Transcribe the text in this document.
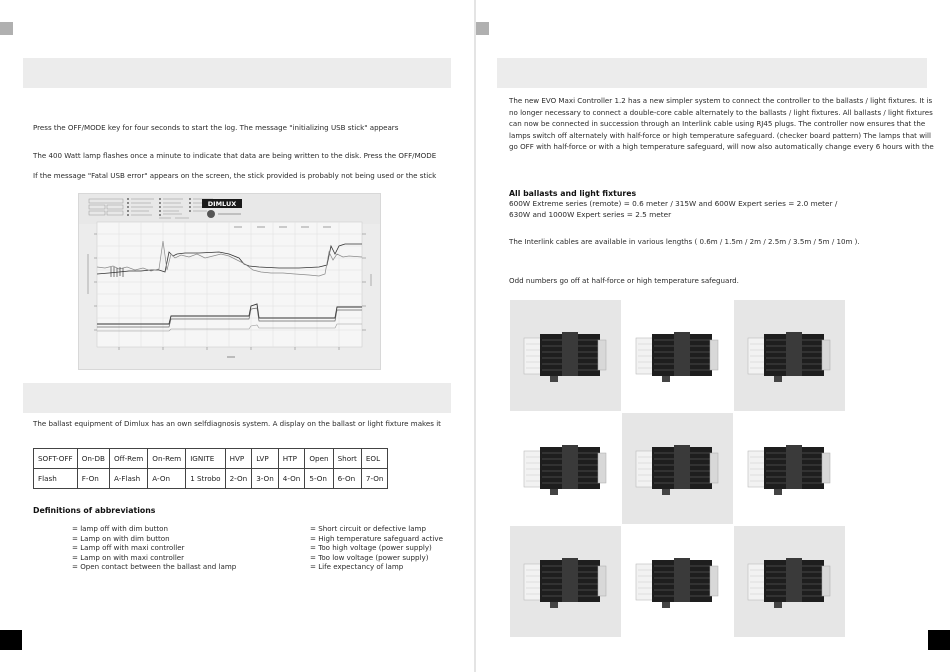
Press the OFF/MODE key for four seconds to start the log. The message "initializing USB stick" appears
The 400 Watt lamp flashes once a minute to indicate that data are being written to the disk. Press the OFF/MODE
If the message "Fatal USB error" appears on the screen, the stick provided is probably not being used or the stick
DIMLUX
The ballast equipment of Dimlux has an own selfdiagnosis system. A display on the ballast or light fixture makes it
SOFT-OFF	On-DB	Off-Rem	On-Rem	IGNITE	HVP	LVP	HTP	Open	Short	EOL
Flash	F-On	A-Flash	A-On	1 Strobo	2-On	3-On	4-On	5-On	6-On	7-On
Definitions of abbreviations
= lamp off with dim button
= Lamp on with dim button
= Lamp off with maxi controller
= Lamp on with maxi controller
= Open contact between the ballast and lamp
= Short circuit or defective lamp
= High temperature safeguard active
= Too high voltage (power supply)
= Too low voltage (power supply)
= Life expectancy of lamp
The new EVO Maxi Controller 1.2 has a new simpler system to connect the controller to the ballasts / light fixtures. It is
no longer necessary to connect a double-core cable alternately to the ballasts / light fixtures. All ballasts / light fixtures
can now be connected in succession through an Interlink cable using RJ45 plugs. The controller now ensures that the
lamps switch off alternately with half-force or high temperature safeguard. (checker board pattern) The lamps that will
go OFF with half-force or with a high temperature safeguard, will now also automatically change every 6 hours with the
All ballasts and light fixtures
600W Extreme series (remote) = 0.6 meter / 315W and 600W Expert series = 2.0 meter /
630W and 1000W Expert series = 2.5 meter
The Interlink cables are available in various lengths ( 0.6m / 1.5m / 2m / 2.5m / 3.5m / 5m / 10m ).
Odd numbers go off at half-force or high temperature safeguard.
